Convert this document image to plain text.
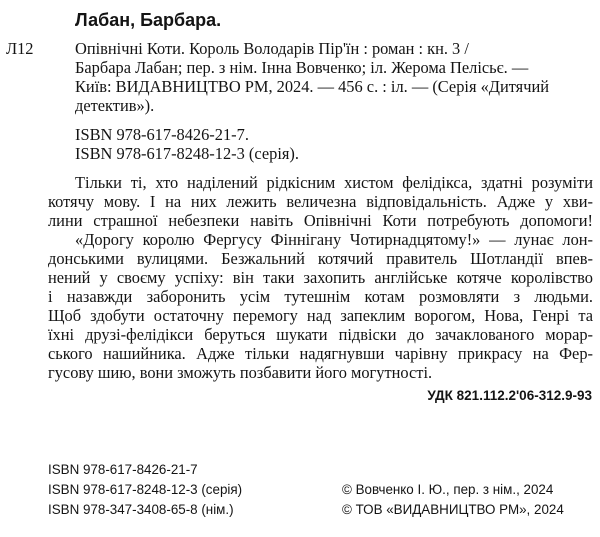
Лабан, Барбара.
Л12	Опівнічні Коти. Король Володарів Пір'їн : роман : кн. 3 /
Барбара Лабан; пер. з нім. Інна Вовченко; іл. Жерома Пелісьє. —
Київ: ВИДАВНИЦТВО РМ, 2024. — 456 с. : іл. — (Серія «Дитячий
детектив»).
ISBN 978-617-8426-21-7.
ISBN 978-617-8248-12-3 (серія).
Тільки ті, хто наділений рідкісним хистом фелідікса, здатні розуміти
котячу мову. І на них лежить величезна відповідальність. Адже у хви-
лини страшної небезпеки навіть Опівнічні Коти потребують допомоги!
«Дорогу королю Фергусу Фіннігану Чотирнадцятому!» — лунає лон-
донськими вулицями. Безжальний котячий правитель Шотландії впев-
нений у своєму успіху: він таки захопить англійське котяче королівство
і назавжди заборонить усім тутешнім котам розмовляти з людьми.
Щоб здобути остаточну перемогу над запеклим ворогом, Нова, Генрі та
їхні друзі-фелідікси беруться шукати підвіски до зачаклованого морар-
ського нашийника. Адже тільки надягнувши чарівну прикрасу на Фер-
гусову шию, вони зможуть позбавити його могутності.
УДК 821.112.2'06-312.9-93
ISBN 978-617-8426-21-7
ISBN 978-617-8248-12-3 (серія)
ISBN 978-347-3408-65-8 (нім.)
© Вовченко І. Ю., пер. з нім., 2024
© ТОВ «ВИДАВНИЦТВО РМ», 2024
